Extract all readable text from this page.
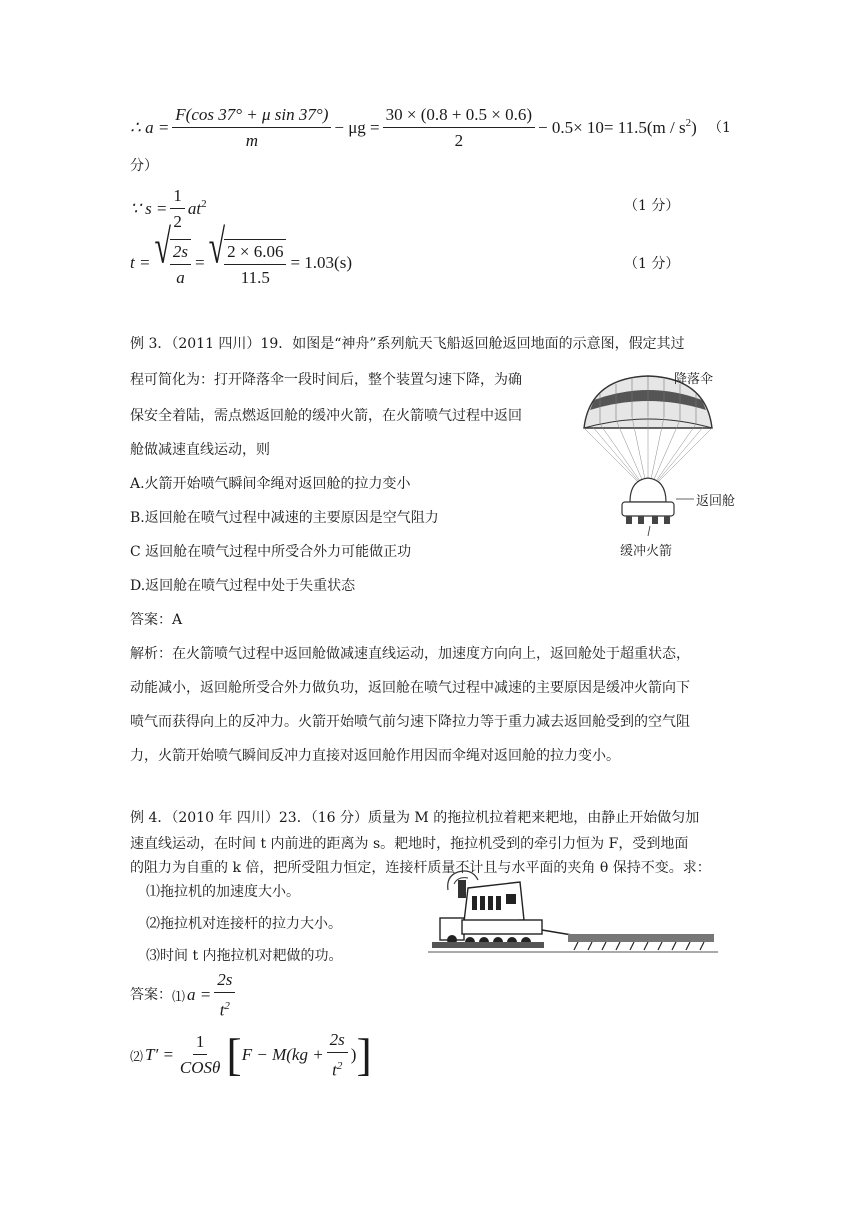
∴ $a = \frac{\text{F(cos 37° + μ sin 37°)}}{m} - \mu g = \frac{30 \times (0.8 + 0.5 \times 0.6)}{2} - 0.5\times 10= 11.5(m / s^2$ ) （1
分）
∵ $s = \frac{1}{2} at^2$	（1 分）
t = √ $\frac{2s}{a}$ = √ $\frac{2 \times 6.06}{11.5} = 1.03(s)$	（1 分）
例 3．（2011 四川）19．如图是“神舟”系列航天飞船返回舱返回地面的示意图，假定其过
程可简化为：打开降落伞一段时间后，整个装置匀速下降，为确
保安全着陆，需点燃返回舱的缓冲火箭，在火箭喷气过程中返回
舱做减速直线运动，则
A.火箭开始喷气瞬间伞绳对返回舱的拉力变小
B.返回舱在喷气过程中减速的主要原因是空气阻力
C 返回舱在喷气过程中所受合外力可能做正功
D.返回舱在喷气过程中处于失重状态
答案：A
解析：在火箭喷气过程中返回舱做减速直线运动，加速度方向向上，返回舱处于超重状态，
动能减小，返回舱所受合外力做负功，返回舱在喷气过程中减速的主要原因是缓冲火箭向下
喷气而获得向上的反冲力。火箭开始喷气前匀速下降拉力等于重力减去返回舱受到的空气阻
力，火箭开始喷气瞬间反冲力直接对返回舱作用因而伞绳对返回舱的拉力变小。
降落伞
返回舱
缓冲火箭
例 4．（2010 年 四川）23．（16 分）质量为 M 的拖拉机拉着耙来耙地，由静止开始做匀加
速直线运动，在时间 t 内前进的距离为 s。耙地时，拖拉机受到的牵引力恒为 F，受到地面
的阻力为自重的 k 倍，把所受阻力恒定，连接杆质量不计且与水平面的夹角 θ 保持不变。求：
⑴拖拉机的加速度大小。
⑵拖拉机对连接杆的拉力大小。
⑶时间 t 内拖拉机对耙做的功。
答案： ⑴ $a = \frac{2s}{t^2}$
⑵ $T' = \frac{1}{\text{COSθ}}$ [ $F - M(kg + \frac{2s}{t^2}$ ) ]
